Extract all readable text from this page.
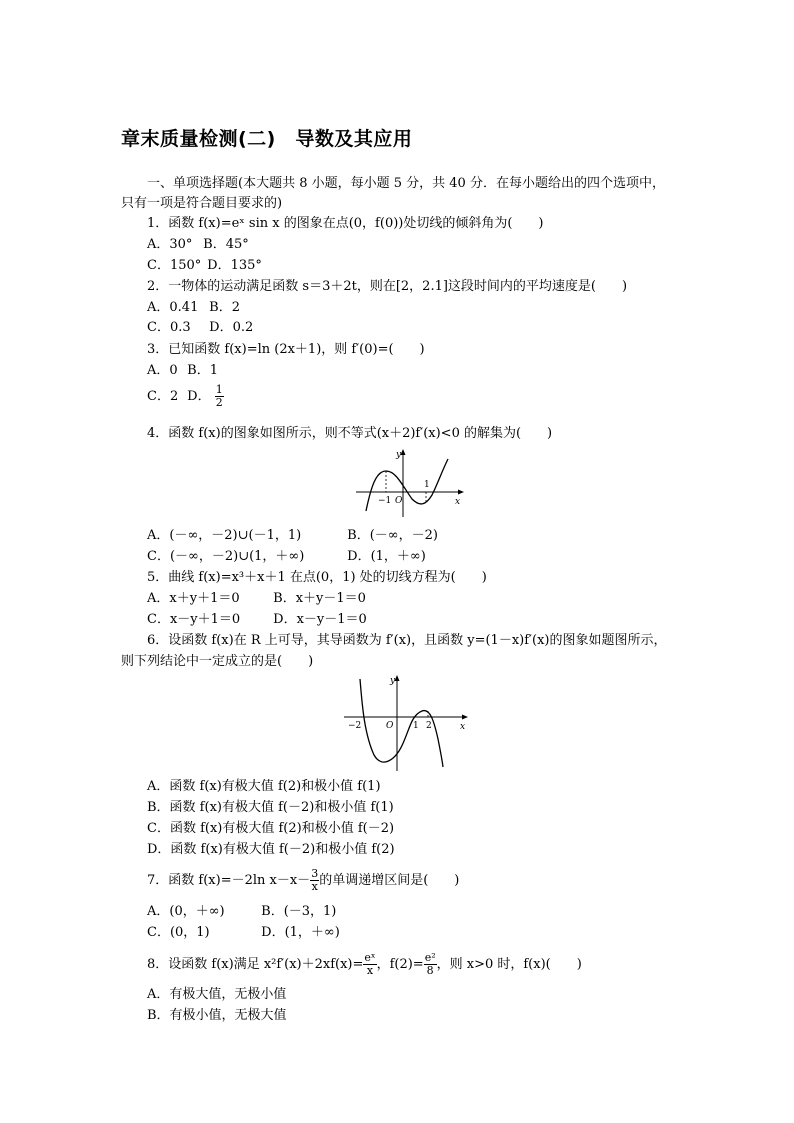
章末质量检测(二)　导数及其应用
一、单项选择题(本大题共 8 小题，每小题 5 分，共 40 分．在每小题给出的四个选项中，
只有一项是符合题目要求的)
1．函数 f(x)=eˣ sin x 的图象在点(0，f(0))处切线的倾斜角为(　　)
A．30° B．45°
C．150° D．135°
2．一物体的运动满足函数 s＝3＋2t，则在[2，2.1]这段时间内的平均速度是(　　)
A．0.41 B．2
C．0.3 D．0.2
3．已知函数 f(x)=ln (2x＋1)，则 f′(0)=(　　)
A．0 B．1
C．2 D． $\frac{1}{2}$
4．函数 f(x)的图象如图所示，则不等式(x＋2)f′(x)<0 的解集为(　　)
y
x
O
−1
1
A．(－∞，－2)∪(－1，1)	B．(－∞，－2)
C．(－∞，－2)∪(1，＋∞)	D．(1，＋∞)
5．曲线 f(x)=x³＋x＋1 在点(0，1) 处的切线方程为(　　)
A．x＋y＋1＝0	B．x＋y－1＝0
C．x－y＋1＝0	D．x－y－1＝0
6．设函数 f(x)在 R 上可导，其导函数为 f′(x)，且函数 y=(1－x)f′(x)的图象如题图所示，
则下列结论中一定成立的是(　　)
y
x
O
−2	1 2
A．函数 f(x)有极大值 f(2)和极小值 f(1)
B．函数 f(x)有极大值 f(－2)和极小值 f(1)
C．函数 f(x)有极大值 f(2)和极小值 f(－2)
D．函数 f(x)有极大值 f(－2)和极小值 f(2)
7．函数 f(x)=－2ln $x-x- \frac{3}{x}$ 的单调递增区间是(　　)
A．(0，＋∞)	B．(－3，1)
C．(0，1)	D．(1，＋∞)
8．设函数 f(x)满足 $x^2f'(x)+2xf(x)= \frac{\text{eˣ}}{x}$ ，$f(2)= \frac{\text{e²}}{8}$ ，则 x>0 时，f(x)(　　)
A．有极大值，无极小值
B．有极小值，无极大值
